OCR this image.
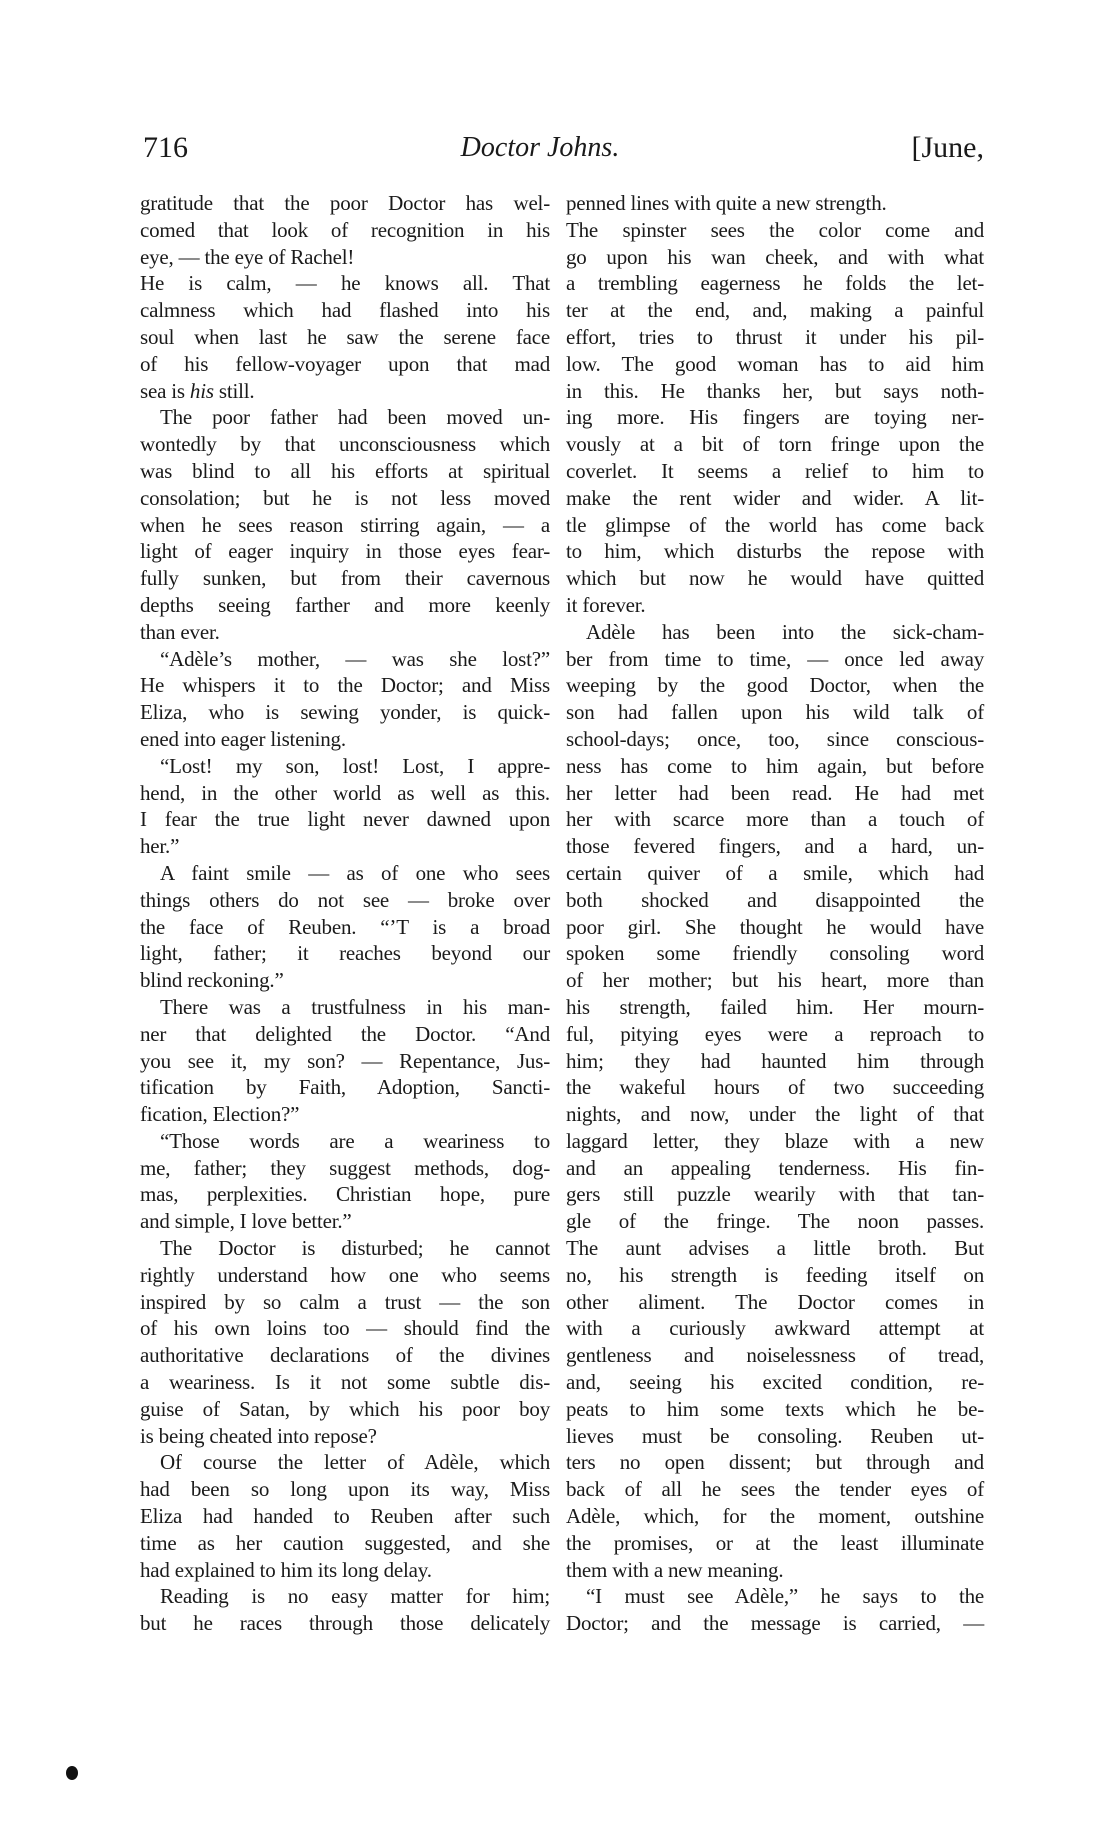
716	Doctor Johns.	[June,
gratitude that the poor Doctor has wel-
comed that look of recognition in his
eye, — the eye of Rachel!
He is calm, — he knows all. That
calmness which had flashed into his
soul when last he saw the serene face
of his fellow-voyager upon that mad
sea is his still.
The poor father had been moved un-
wontedly by that unconsciousness which
was blind to all his efforts at spiritual
consolation; but he is not less moved
when he sees reason stirring again, — a
light of eager inquiry in those eyes fear-
fully sunken, but from their cavernous
depths seeing farther and more keenly
than ever.
“Adèle’s mother, — was she lost?”
He whispers it to the Doctor; and Miss
Eliza, who is sewing yonder, is quick-
ened into eager listening.
“Lost! my son, lost! Lost, I appre-
hend, in the other world as well as this.
I fear the true light never dawned upon
her.”
A faint smile — as of one who sees
things others do not see — broke over
the face of Reuben. “’T is a broad
light, father; it reaches beyond our
blind reckoning.”
There was a trustfulness in his man-
ner that delighted the Doctor. “And
you see it, my son? — Repentance, Jus-
tification by Faith, Adoption, Sancti-
fication, Election?”
“Those words are a weariness to
me, father; they suggest methods, dog-
mas, perplexities. Christian hope, pure
and simple, I love better.”
The Doctor is disturbed; he cannot
rightly understand how one who seems
inspired by so calm a trust — the son
of his own loins too — should find the
authoritative declarations of the divines
a weariness. Is it not some subtle dis-
guise of Satan, by which his poor boy
is being cheated into repose?
Of course the letter of Adèle, which
had been so long upon its way, Miss
Eliza had handed to Reuben after such
time as her caution suggested, and she
had explained to him its long delay.
Reading is no easy matter for him;
but he races through those delicately
penned lines with quite a new strength.
The spinster sees the color come and
go upon his wan cheek, and with what
a trembling eagerness he folds the let-
ter at the end, and, making a painful
effort, tries to thrust it under his pil-
low. The good woman has to aid him
in this. He thanks her, but says noth-
ing more. His fingers are toying ner-
vously at a bit of torn fringe upon the
coverlet. It seems a relief to him to
make the rent wider and wider. A lit-
tle glimpse of the world has come back
to him, which disturbs the repose with
which but now he would have quitted
it forever.
Adèle has been into the sick-cham-
ber from time to time, — once led away
weeping by the good Doctor, when the
son had fallen upon his wild talk of
school-days; once, too, since conscious-
ness has come to him again, but before
her letter had been read. He had met
her with scarce more than a touch of
those fevered fingers, and a hard, un-
certain quiver of a smile, which had
both shocked and disappointed the
poor girl. She thought he would have
spoken some friendly consoling word
of her mother; but his heart, more than
his strength, failed him. Her mourn-
ful, pitying eyes were a reproach to
him; they had haunted him through
the wakeful hours of two succeeding
nights, and now, under the light of that
laggard letter, they blaze with a new
and an appealing tenderness. His fin-
gers still puzzle wearily with that tan-
gle of the fringe. The noon passes.
The aunt advises a little broth. But
no, his strength is feeding itself on
other aliment. The Doctor comes in
with a curiously awkward attempt at
gentleness and noiselessness of tread,
and, seeing his excited condition, re-
peats to him some texts which he be-
lieves must be consoling. Reuben ut-
ters no open dissent; but through and
back of all he sees the tender eyes of
Adèle, which, for the moment, outshine
the promises, or at the least illuminate
them with a new meaning.
“I must see Adèle,” he says to the
Doctor; and the message is carried, —
